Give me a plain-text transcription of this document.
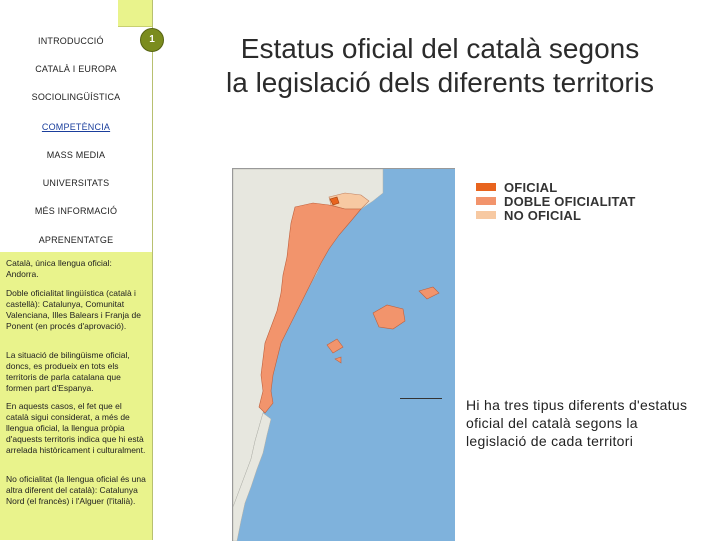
INTRODUCCIÓ	1
CATALÀ I EUROPA
SOCIOLINGÜÍSTICA
COMPETÈNCIA
MASS MEDIA
UNIVERSITATS
MÉS INFORMACIÓ
APRENENTATGE
Català, única llengua oficial: Andorra.
Doble oficialitat lingüística (català i castellà): Catalunya, Comunitat Valenciana, Illes Balears i Franja de Ponent (en procés d'aprovació).
La situació de bilingüisme oficial, doncs, es produeix en tots els territoris de parla catalana que formen part d'Espanya.
En aquests casos, el fet que el català sigui considerat, a més de llengua oficial, la llengua pròpia d'aquests territoris indica que hi està arrelada històricament i culturalment.
No oficialitat (la llengua oficial és una altra diferent del català): Catalunya Nord (el francès) i l'Alguer (l'italià).
Estatus oficial del català segons
la legislació dels diferents territoris
OFICIAL
DOBLE OFICIALITAT
NO OFICIAL
Hi ha tres tipus diferents d'estatus oficial del català segons la legislació de cada territori
